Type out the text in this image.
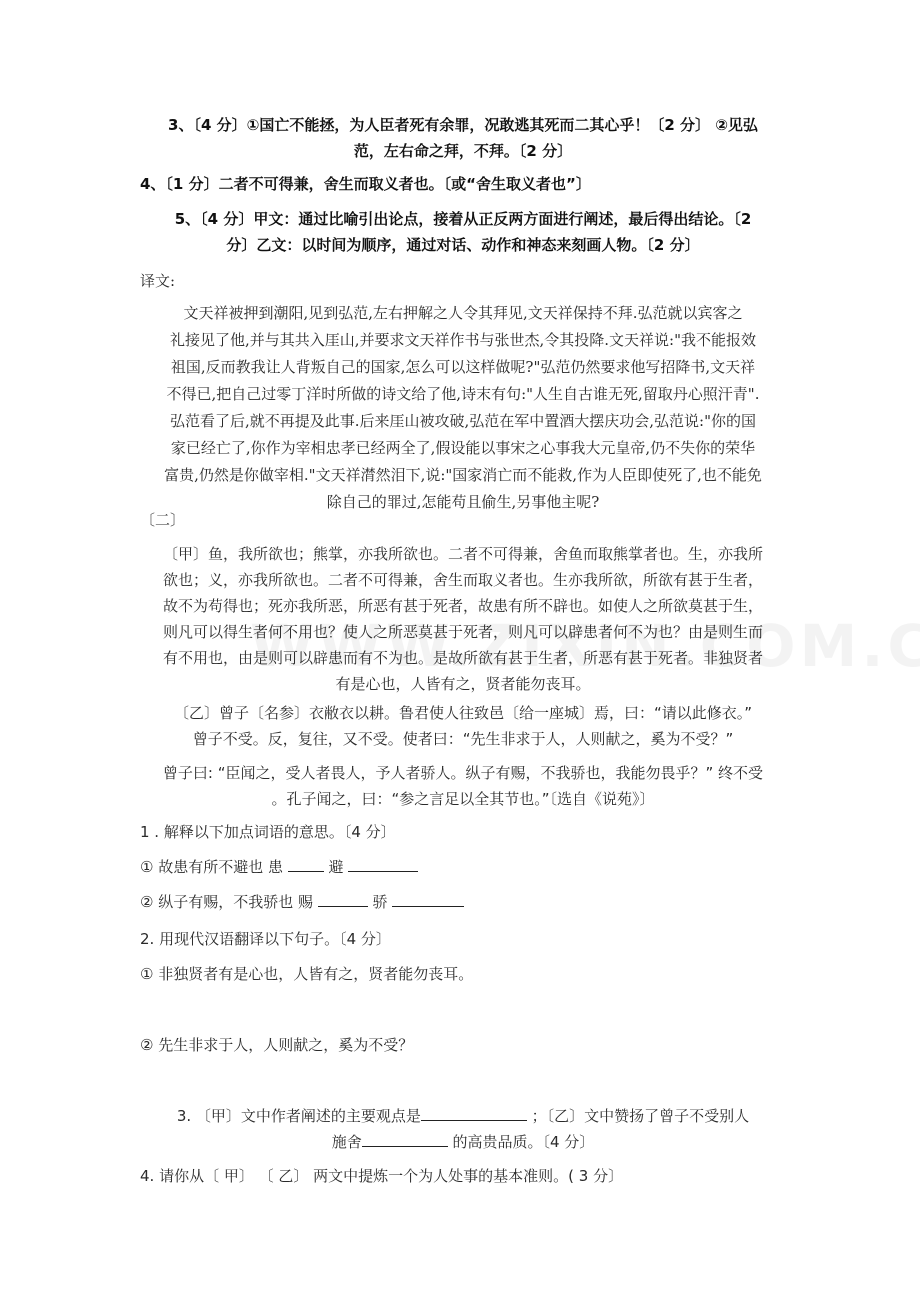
3、〔4 分〕①国亡不能拯，为人臣者死有余罪，况敢逃其死而二其心乎！〔2 分〕 ②见弘
范，左右命之拜，不拜。〔2 分〕
4、〔1 分〕二者不可得兼，舍生而取义者也。〔或“舍生取义者也”〕
5、〔4 分〕甲文：通过比喻引出论点，接着从正反两方面进行阐述，最后得出结论。〔2
分〕乙文：以时间为顺序，通过对话、动作和神态来刻画人物。〔2 分〕
译文:
文天祥被押到潮阳,见到弘范,左右押解之人令其拜见,文天祥保持不拜.弘范就以宾客之
礼接见了他,并与其共入厓山,并要求文天祥作书与张世杰,令其投降.文天祥说:"我不能报效
祖国,反而教我让人背叛自己的国家,怎么可以这样做呢?"弘范仍然要求他写招降书,文天祥
不得已,把自己过零丁洋时所做的诗文给了他,诗末有句:"人生自古谁无死,留取丹心照汗青".
弘范看了后,就不再提及此事.后来厓山被攻破,弘范在军中置酒大摆庆功会,弘范说:"你的国
家已经亡了,你作为宰相忠孝已经两全了,假设能以事宋之心事我大元皇帝,仍不失你的荣华
富贵,仍然是你做宰相."文天祥潸然泪下,说:"国家消亡而不能救,作为人臣即使死了,也不能免
除自己的罪过,怎能苟且偷生,另事他主呢?
〔二〕
〔甲〕鱼，我所欲也；熊掌，亦我所欲也。二者不可得兼，舍鱼而取熊掌者也。生，亦我所
欲也；义，亦我所欲也。二者不可得兼，舍生而取义者也。生亦我所欲，所欲有甚于生者，
故不为苟得也；死亦我所恶，所恶有甚于死者，故患有所不辟也。如使人之所欲莫甚于生，
则凡可以得生者何不用也？使人之所恶莫甚于死者，则凡可以辟患者何不为也？由是则生而
有不用也，由是则可以辟患而有不为也。是故所欲有甚于生者，所恶有甚于死者。非独贤者
有是心也，人皆有之，贤者能勿丧耳。
〔乙〕曾子〔名参〕衣敝衣以耕。鲁君使人往致邑〔给一座城〕焉，曰：“请以此修衣。”
曾子不受。反，复往，又不受。使者曰：“先生非求于人，人则献之，奚为不受？”
曾子曰: “臣闻之，受人者畏人，予人者骄人。纵子有赐，不我骄也，我能勿畏乎？” 终不受
。孔子闻之，曰：“参之言足以全其节也。”〔选自《说苑》〕
1 . 解释以下加点词语的意思。〔4 分〕
① 故患有所不避也 患	避
② 纵子有赐，不我骄也 赐	骄
2. 用现代汉语翻译以下句子。〔4 分〕
① 非独贤者有是心也，人皆有之，贤者能勿丧耳。
② 先生非求于人，人则献之，奚为不受？
3. 〔甲〕文中作者阐述的主要观点是	；〔乙〕文中赞扬了曾子不受别人
施舍	的高贵品质。〔4 分〕
4. 请你从〔 甲〕 〔 乙〕 两文中提炼一个为人处事的基本准则。( 3 分〕
